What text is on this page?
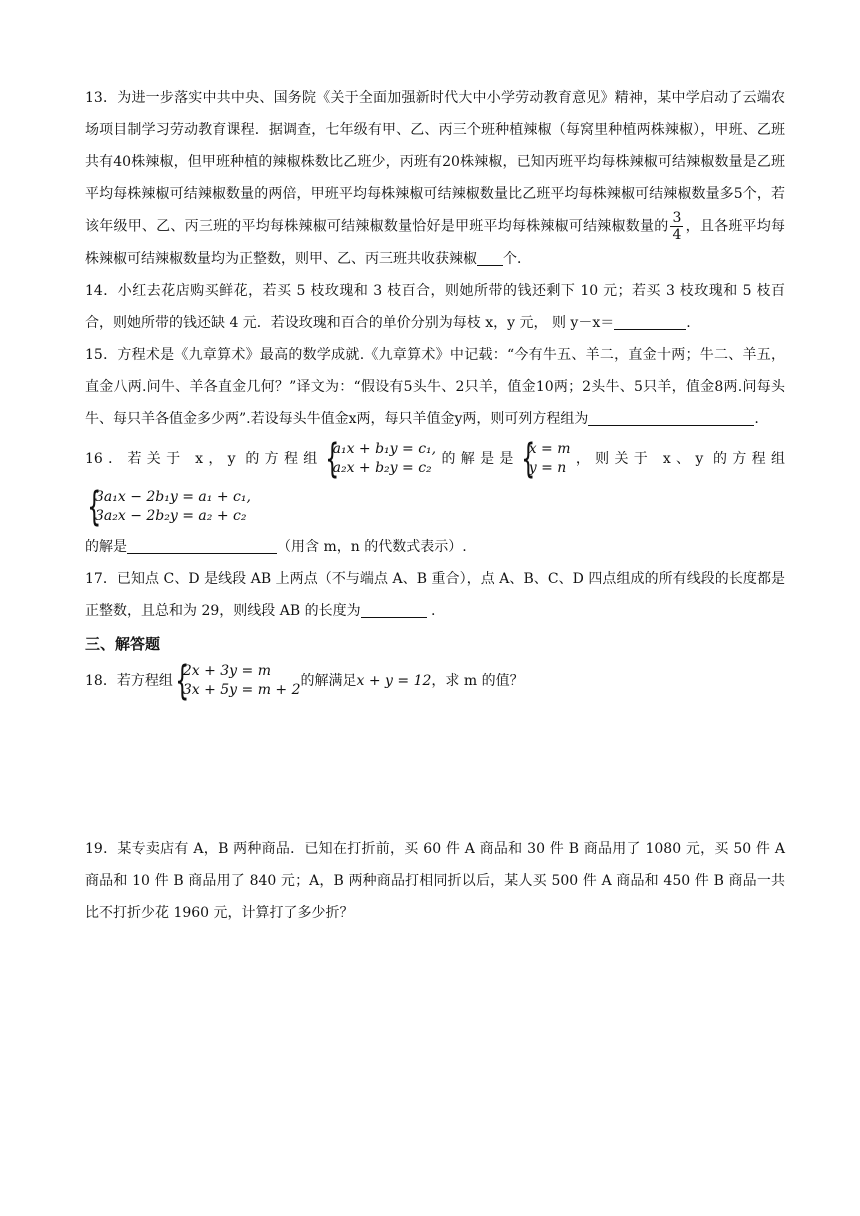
13．为进一步落实中共中央、国务院《关于全面加强新时代大中小学劳动教育意见》精神，某中学启动了云端农场项目制学习劳动教育课程．据调查，七年级有甲、乙、丙三个班种植辣椒（每窝里种植两株辣椒），甲班、乙班共有40株辣椒，但甲班种植的辣椒株数比乙班少，丙班有20株辣椒，已知丙班平均每株辣椒可结辣椒数量是乙班平均每株辣椒可结辣椒数量的两倍，甲班平均每株辣椒可结辣椒数量比乙班平均每株辣椒可结辣椒数量多5个，若该年级甲、乙、丙三班的平均每株辣椒可结辣椒数量恰好是甲班平均每株辣椒可结辣椒数量的 $\frac{3}{4}$ ，且各班平均每株辣椒可结辣椒数量均为正整数，则甲、乙、丙三班共收获辣椒 个．

14．小红去花店购买鲜花，若买 5 枝玫瑰和 3 枝百合，则她所带的钱还剩下 10 元；若买 3 枝玫瑰和 5 枝百合，则她所带的钱还缺 4 元．若设玫瑰和百合的单价分别为每枝 x，y 元， 则 y－x＝	.

15．方程术是《九章算术》最高的数学成就.《九章算术》中记载：“今有牛五、羊二，直金十两；牛二、羊五，直金八两.问牛、羊各直金几何？”译文为：“假设有5头牛、2只羊，值金10两；2头牛、5只羊，值金8两.问每头牛、每只羊各值金多少两”.若设每头牛值金x两，每只羊值金y两，则可列方程组为	.

16．若关于 x，y 的方程组 {
a₁x + b₁y = c₁,
a₂x + b₂y = c₂
的解是是 {
x = m
y = n
，则关于 x、y 的方程组
{
3a₁x − 2b₁y = a₁ + c₁,
3a₂x − 2b₂y = a₂ + c₂

的解是	（用含 m，n 的代数式表示）.

17．已知点 C、D 是线段 AB 上两点（不与端点 A、B 重合），点 A、B、C、D 四点组成的所有线段的长度都是正整数，且总和为 29，则线段 AB 的长度为	.

三、解答题

18．若方程组 {
2x + 3y = m
3x + 5y = m + 2
的解满足x + y = 12，求 m 的值？

19．某专卖店有 A，B 两种商品．已知在打折前，买 60 件 A 商品和 30 件 B 商品用了 1080 元，买 50 件 A 商品和 10 件 B 商品用了 840 元；A，B 两种商品打相同折以后，某人买 500 件 A 商品和 450 件 B 商品一共比不打折少花 1960 元，计算打了多少折？
